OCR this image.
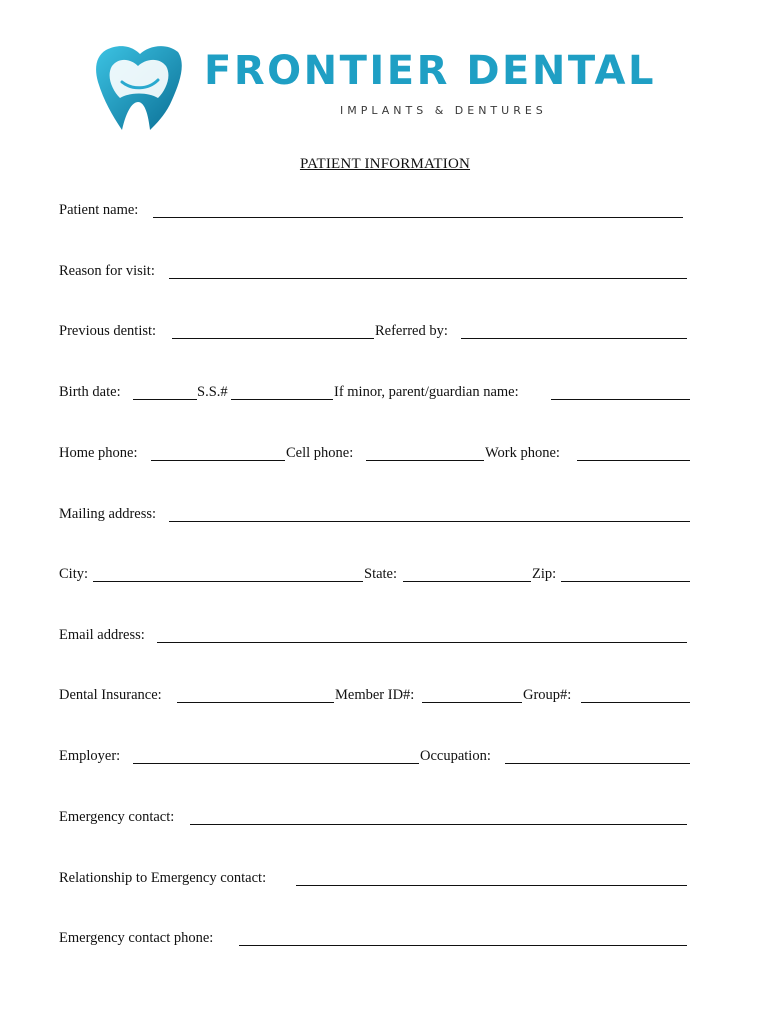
FRONTIER DENTAL
IMPLANTS & DENTURES
PATIENT INFORMATION
Patient name:
Reason for visit:
Previous dentist:	Referred by:
Birth date:	S.S.#	If minor, parent/guardian name:
Home phone:	Cell phone:	Work phone:
Mailing address:
City:	State:	Zip:
Email address:
Dental Insurance:	Member ID#:	Group#:
Employer:	Occupation:
Emergency contact:
Relationship to Emergency contact:
Emergency contact phone:
